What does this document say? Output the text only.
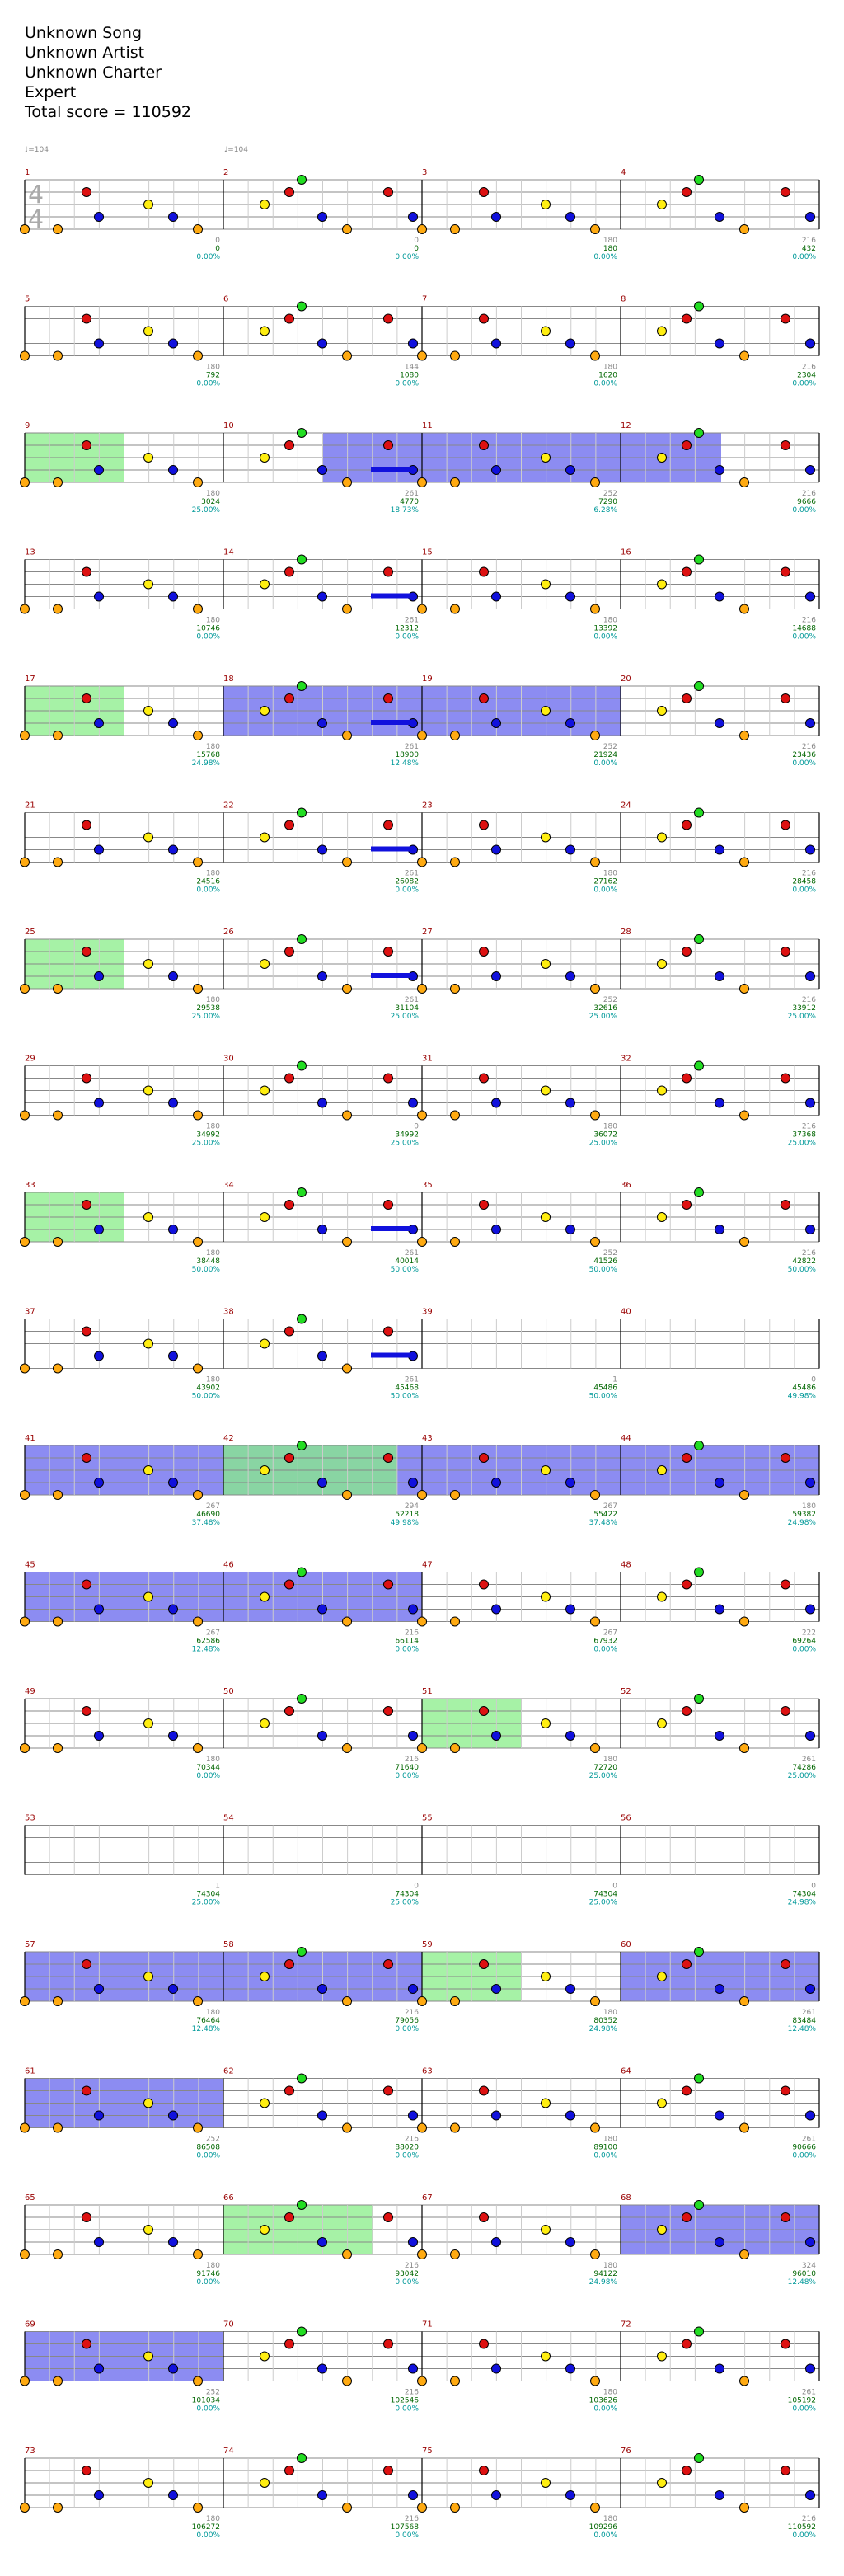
Unknown Song
Unknown Artist
Unknown Charter
Expert
Total score = 110592
♩=104	♩=104
1	2	3	4
4
4
0
0
0.00%
0
0
0.00%
180
180
0.00%
216
432
0.00%
5	6	7	8
180
792
0.00%
144
1080
0.00%
180
1620
0.00%
216
2304
0.00%
9	10	11	12
180
3024
25.00%
261
4770
18.73%
252
7290
6.28%
216
9666
0.00%
13	14	15	16
180
10746
0.00%
261
12312
0.00%
180
13392
0.00%
216
14688
0.00%
17	18	19	20
180
15768
24.98%
261
18900
12.48%
252
21924
0.00%
216
23436
0.00%
21	22	23	24
180
24516
0.00%
261
26082
0.00%
180
27162
0.00%
216
28458
0.00%
25	26	27	28
180
29538
25.00%
261
31104
25.00%
252
32616
25.00%
216
33912
25.00%
29	30	31	32
180
34992
25.00%
0
34992
25.00%
180
36072
25.00%
216
37368
25.00%
33	34	35	36
180
38448
50.00%
261
40014
50.00%
252
41526
50.00%
216
42822
50.00%
37	38	39	40
180
43902
50.00%
261
45468
50.00%
1
45486
50.00%
0
45486
49.98%
41	42	43	44
267
46690
37.48%
294
52218
49.98%
267
55422
37.48%
180
59382
24.98%
45	46	47	48
267
62586
12.48%
216
66114
0.00%
267
67932
0.00%
222
69264
0.00%
49	50	51	52
180
70344
0.00%
216
71640
0.00%
180
72720
25.00%
261
74286
25.00%
53	54	55	56
1
74304
25.00%
0
74304
25.00%
0
74304
25.00%
0
74304
24.98%
57	58	59	60
180
76464
12.48%
216
79056
0.00%
180
80352
24.98%
261
83484
12.48%
61	62	63	64
252
86508
0.00%
216
88020
0.00%
180
89100
0.00%
261
90666
0.00%
65	66	67	68
180
91746
0.00%
216
93042
0.00%
180
94122
24.98%
324
96010
12.48%
69	70	71	72
252
101034
0.00%
216
102546
0.00%
180
103626
0.00%
261
105192
0.00%
73	74	75	76
180
106272
0.00%
216
107568
0.00%
180
109296
0.00%
216
110592
0.00%
